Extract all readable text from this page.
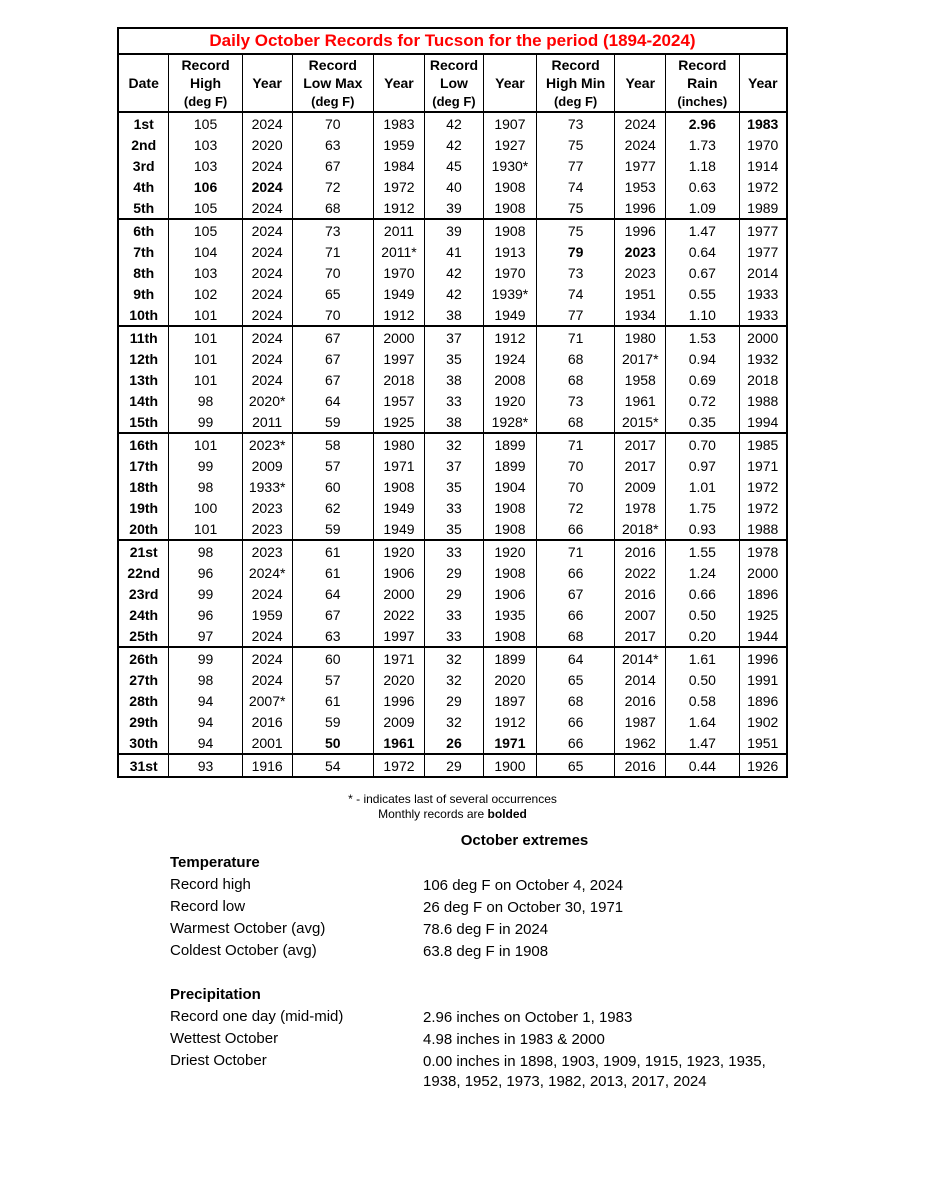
Daily October Records for Tucson for the period (1894-2024)										
Date	Record
High
(deg F)	Year	Record
Low Max
(deg F)	Year	Record
Low
(deg F)	Year	Record
High Min
(deg F)	Year	Record
Rain
(inches)	Year
1st	105	2024	70	1983	42	1907	73	2024	2.96	1983
2nd	103	2020	63	1959	42	1927	75	2024	1.73	1970
3rd	103	2024	67	1984	45	1930*	77	1977	1.18	1914
4th	106	2024	72	1972	40	1908	74	1953	0.63	1972
5th	105	2024	68	1912	39	1908	75	1996	1.09	1989
6th	105	2024	73	2011	39	1908	75	1996	1.47	1977
7th	104	2024	71	2011*	41	1913	79	2023	0.64	1977
8th	103	2024	70	1970	42	1970	73	2023	0.67	2014
9th	102	2024	65	1949	42	1939*	74	1951	0.55	1933
10th	101	2024	70	1912	38	1949	77	1934	1.10	1933
11th	101	2024	67	2000	37	1912	71	1980	1.53	2000
12th	101	2024	67	1997	35	1924	68	2017*	0.94	1932
13th	101	2024	67	2018	38	2008	68	1958	0.69	2018
14th	98	2020*	64	1957	33	1920	73	1961	0.72	1988
15th	99	2011	59	1925	38	1928*	68	2015*	0.35	1994
16th	101	2023*	58	1980	32	1899	71	2017	0.70	1985
17th	99	2009	57	1971	37	1899	70	2017	0.97	1971
18th	98	1933*	60	1908	35	1904	70	2009	1.01	1972
19th	100	2023	62	1949	33	1908	72	1978	1.75	1972
20th	101	2023	59	1949	35	1908	66	2018*	0.93	1988
21st	98	2023	61	1920	33	1920	71	2016	1.55	1978
22nd	96	2024*	61	1906	29	1908	66	2022	1.24	2000
23rd	99	2024	64	2000	29	1906	67	2016	0.66	1896
24th	96	1959	67	2022	33	1935	66	2007	0.50	1925
25th	97	2024	63	1997	33	1908	68	2017	0.20	1944
26th	99	2024	60	1971	32	1899	64	2014*	1.61	1996
27th	98	2024	57	2020	32	2020	65	2014	0.50	1991
28th	94	2007*	61	1996	29	1897	68	2016	0.58	1896
29th	94	2016	59	2009	32	1912	66	1987	1.64	1902
30th	94	2001	50	1961	26	1971	66	1962	1.47	1951
31st	93	1916	54	1972	29	1900	65	2016	0.44	1926
* - indicates last of several occurrences
Monthly records are bolded
October extremes
Temperature
Record high	106 deg F on October 4, 2024
Record low	26 deg F on October 30, 1971
Warmest October (avg)	78.6 deg F in 2024
Coldest October (avg)	63.8 deg F in 1908
Precipitation
Record one day (mid-mid)	2.96 inches on October 1, 1983
Wettest October	4.98 inches in 1983 & 2000
Driest October	0.00 inches in 1898, 1903, 1909, 1915, 1923, 1935,
1938, 1952, 1973, 1982, 2013, 2017, 2024
